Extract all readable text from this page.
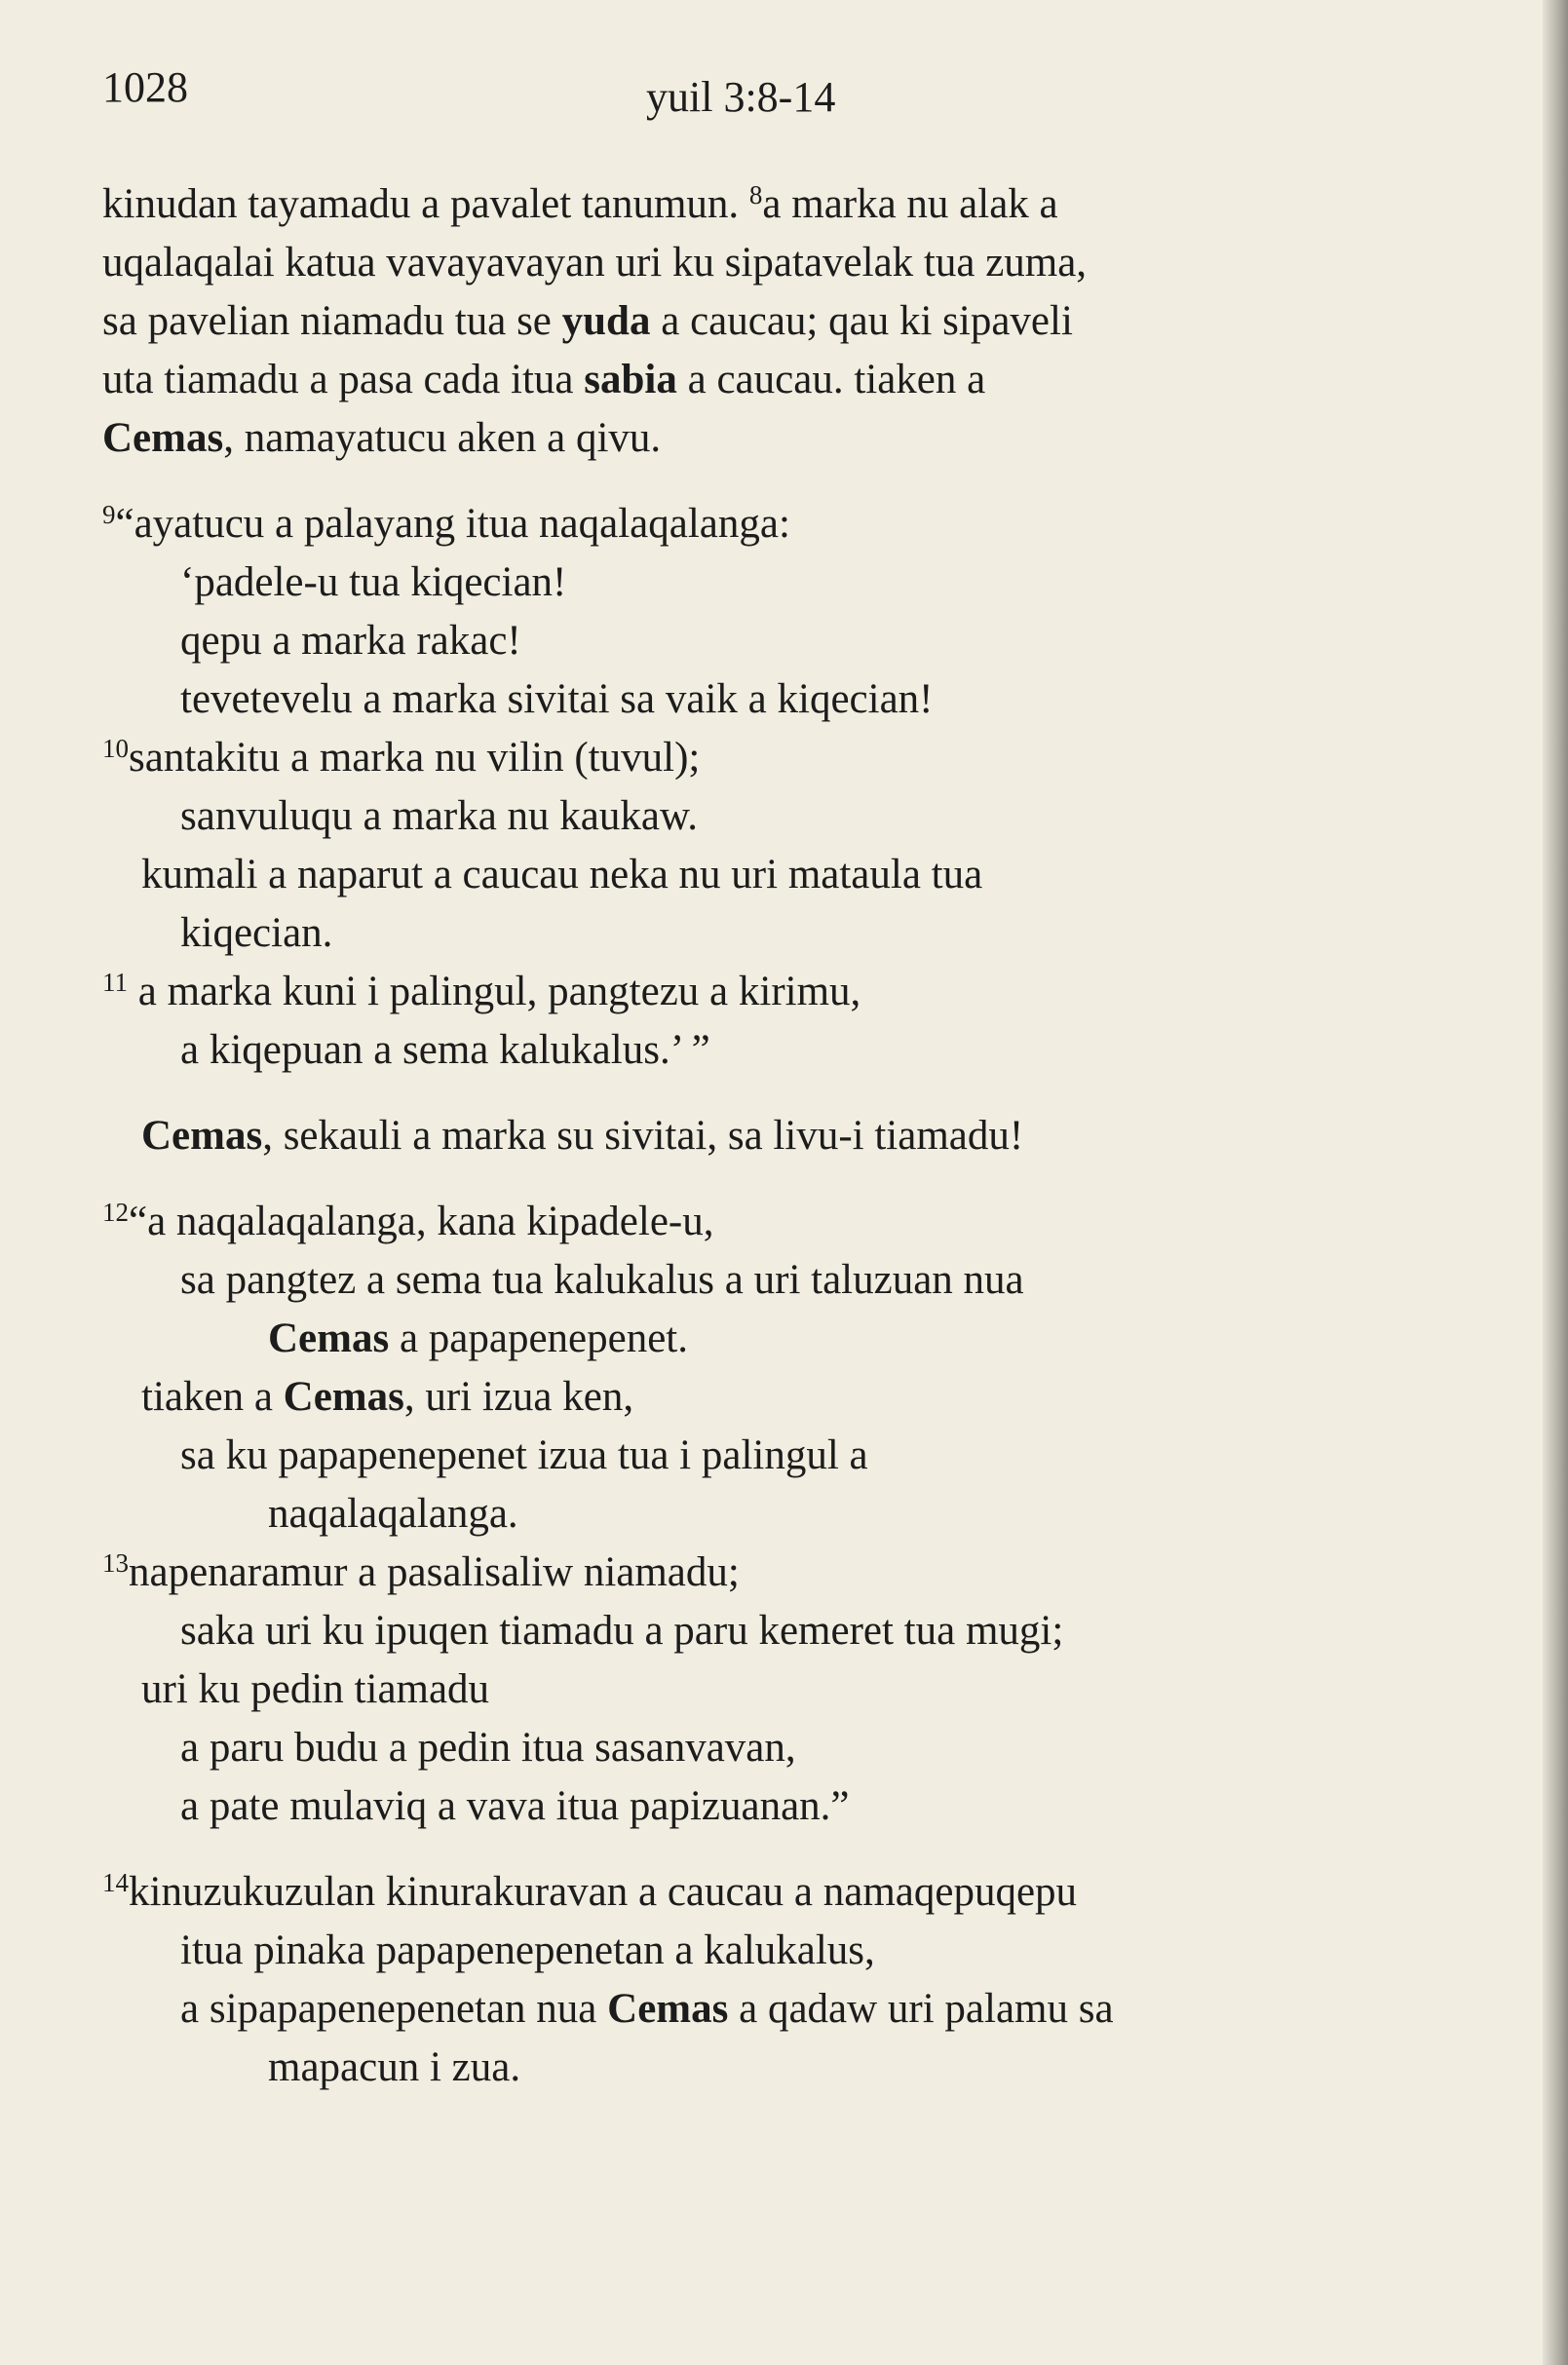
1028	yuil 3:8-14
kinudan tayamadu a pavalet tanumun. $^8$a marka nu alak a
uqalaqalai katua vavayavayan uri ku sipatavelak tua zuma,
sa pavelian niamadu tua se yuda a caucau; qau ki sipaveli
uta tiamadu a pasa cada itua sabia a caucau. tiaken a
Cemas, namayatucu aken a qivu.
$^9$“ayatucu a palayang itua naqalaqalanga:
‘padele-u tua kiqecian!
qepu a marka rakac!
tevetevelu a marka sivitai sa vaik a kiqecian!
$^{10}$santakitu a marka nu vilin (tuvul);
sanvuluqu a marka nu kaukaw.
kumali a naparut a caucau neka nu uri mataula tua
kiqecian.
$^{11}$ a marka kuni i palingul, pangtezu a kirimu,
a kiqepuan a sema kalukalus.’ ”
Cemas, sekauli a marka su sivitai, sa livu-i tiamadu!
$^{12}$“a naqalaqalanga, kana kipadele-u,
sa pangtez a sema tua kalukalus a uri taluzuan nua
Cemas a papapenepenet.
tiaken a Cemas, uri izua ken,
sa ku papapenepenet izua tua i palingul a
naqalaqalanga.
$^{13}$napenaramur a pasalisaliw niamadu;
saka uri ku ipuqen tiamadu a paru kemeret tua mugi;
uri ku pedin tiamadu
a paru budu a pedin itua sasanvavan,
a pate mulaviq a vava itua papizuanan.”
$^{14}$kinuzukuzulan kinurakuravan a caucau a namaqepuqepu
itua pinaka papapenepenetan a kalukalus,
a sipapapenepenetan nua Cemas a qadaw uri palamu sa
mapacun i zua.
